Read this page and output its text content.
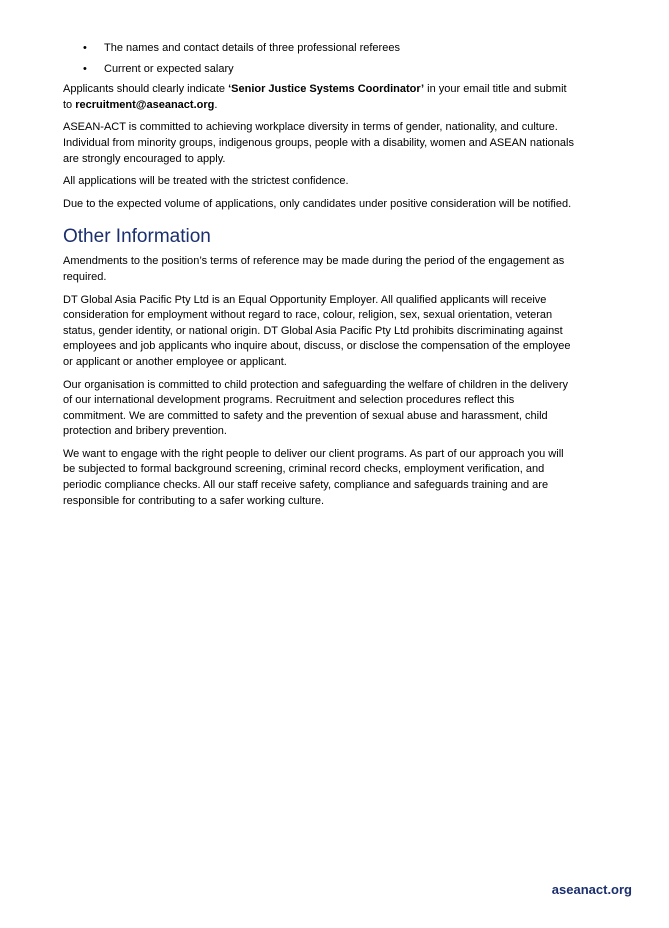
• The names and contact details of three professional referees
• Current or expected salary

Applicants should clearly indicate ‘Senior Justice Systems Coordinator’ in your email title and submit to recruitment@aseanact.org.

ASEAN-ACT is committed to achieving workplace diversity in terms of gender, nationality, and culture. Individual from minority groups, indigenous groups, people with a disability, women and ASEAN nationals are strongly encouraged to apply.

All applications will be treated with the strictest confidence.

Due to the expected volume of applications, only candidates under positive consideration will be notified.

Other Information

Amendments to the position’s terms of reference may be made during the period of the engagement as required.

DT Global Asia Pacific Pty Ltd is an Equal Opportunity Employer. All qualified applicants will receive consideration for employment without regard to race, colour, religion, sex, sexual orientation, veteran status, gender identity, or national origin. DT Global Asia Pacific Pty Ltd prohibits discriminating against employees and job applicants who inquire about, discuss, or disclose the compensation of the employee or applicant or another employee or applicant.

Our organisation is committed to child protection and safeguarding the welfare of children in the delivery of our international development programs. Recruitment and selection procedures reflect this commitment. We are committed to safety and the prevention of sexual abuse and harassment, child protection and bribery prevention.

We want to engage with the right people to deliver our client programs. As part of our approach you will be subjected to formal background screening, criminal record checks, employment verification, and periodic compliance checks. All our staff receive safety, compliance and safeguards training and are responsible for contributing to a safer working culture.

aseanact.org
